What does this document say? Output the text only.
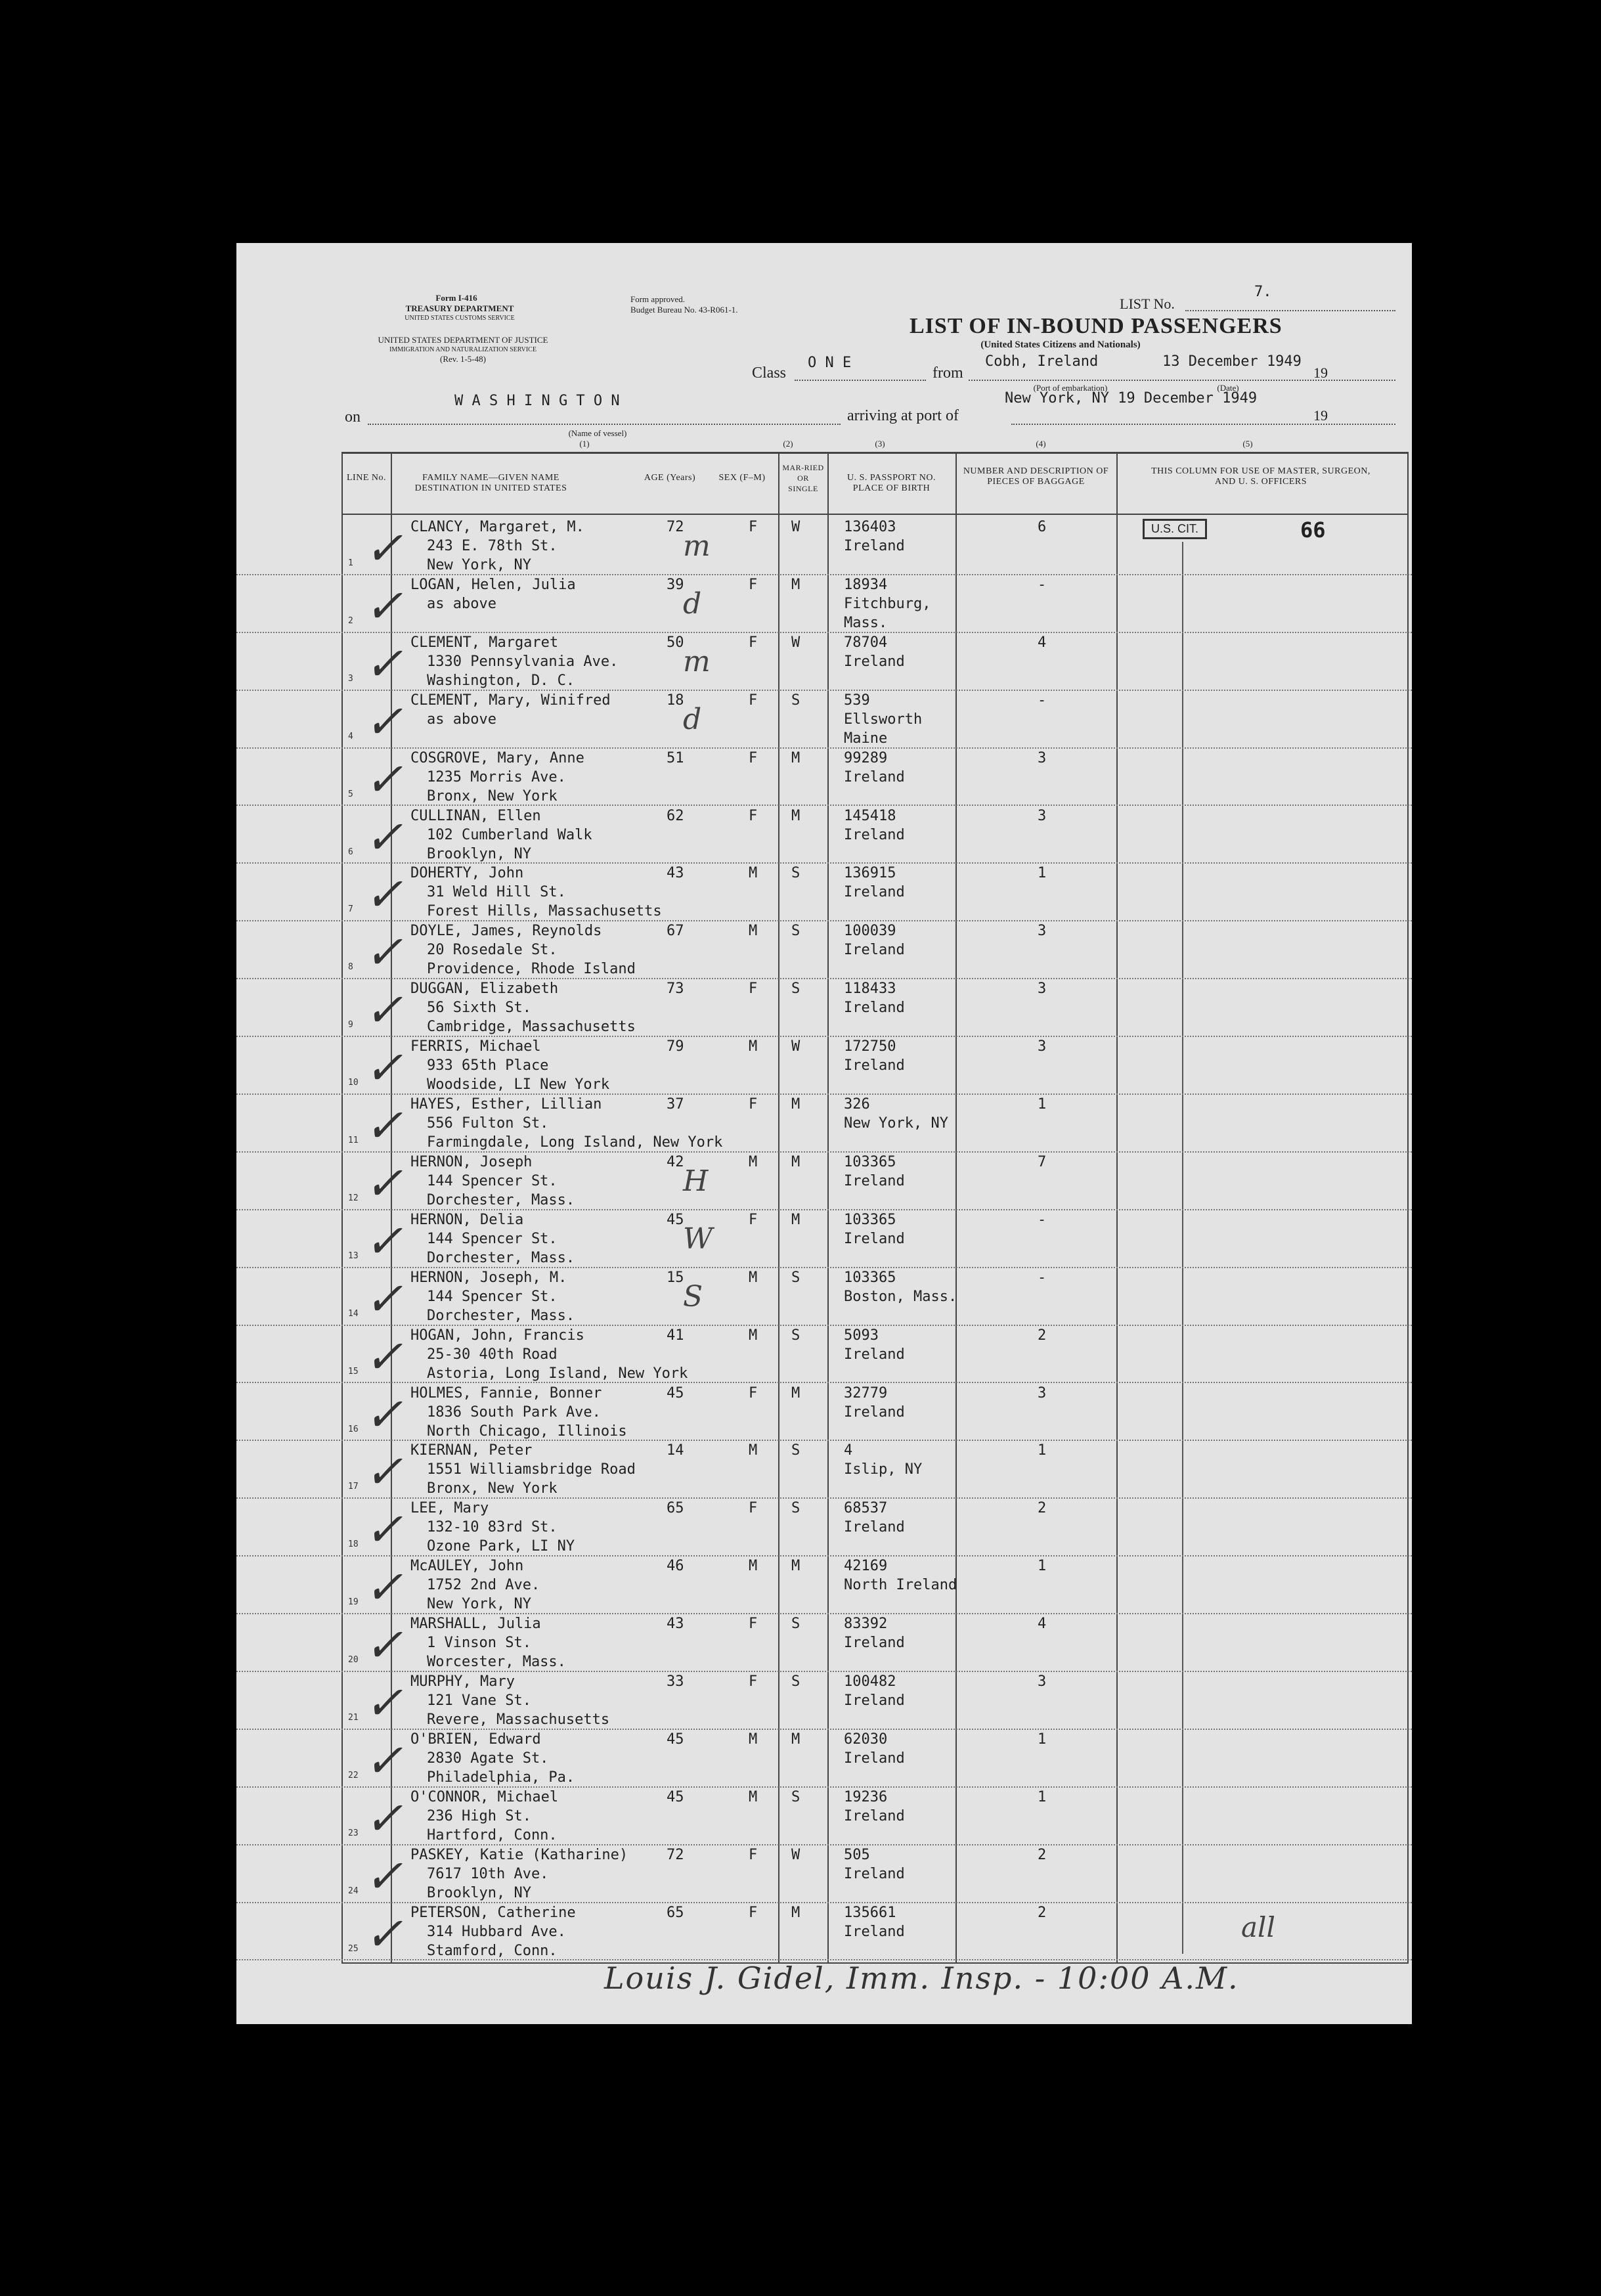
Form I-416
TREASURY DEPARTMENT
UNITED STATES CUSTOMS SERVICE
UNITED STATES DEPARTMENT OF JUSTICE
IMMIGRATION AND NATURALIZATION SERVICE
(Rev. 1-5-48)
Form approved.
Budget Bureau No. 43-R061-1.	LIST No.
7.
LIST OF IN-BOUND PASSENGERS
(United States Citizens and Nationals)
Class
O N E
from
Cobh, Ireland	13 December 1949
19
(Port of embarkation)	(Date)
on
W A S H I N G T O N
(Name of vessel)
arriving at port of
New York, NY 19 December 1949
19
(1)	(2)	(3)	(4)	(5)
LINE No.	FAMILY NAME—GIVEN NAME DESTINATION IN UNITED STATES
AGE (Years)	SEX (F–M)
MAR-RIED OR SINGLE
U. S. PASSPORT NO. PLACE OF BIRTH
NUMBER AND DESCRIPTION OF PIECES OF BAGGAGE
THIS COLUMN FOR USE OF MASTER, SURGEON, AND U. S. OFFICERS
U.S. CIT.	66
1
CLANCY, Margaret, M.
243 E. 78th St.
New York, NY
72	F W	136403
Ireland
6
✓	m
2
LOGAN, Helen, Julia
as above
39	F M	18934
Fitchburg,
Mass.
-
✓	d
3
CLEMENT, Margaret
1330 Pennsylvania Ave.
Washington, D. C.
50	F W	78704
Ireland
4
✓	m
4
CLEMENT, Mary, Winifred
as above
18	F S	539
Ellsworth
Maine
-
✓	d
5
COSGROVE, Mary, Anne
1235 Morris Ave.
Bronx, New York
51	F M	99289
Ireland
3
✓
6
CULLINAN, Ellen
102 Cumberland Walk
Brooklyn, NY
62	F M	145418
Ireland
3
✓
7
DOHERTY, John
31 Weld Hill St.
Forest Hills, Massachusetts
43	M S	136915
Ireland
1
✓
8
DOYLE, James, Reynolds
20 Rosedale St.
Providence, Rhode Island
67	M S	100039
Ireland
3
✓
9
DUGGAN, Elizabeth
56 Sixth St.
Cambridge, Massachusetts
73	F S	118433
Ireland
3
✓
10
FERRIS, Michael
933 65th Place
Woodside, LI New York
79	M W	172750
Ireland
3
✓
11
HAYES, Esther, Lillian
556 Fulton St.
Farmingdale, Long Island, New York
37	F M	326
New York, NY
1
✓
12
HERNON, Joseph
144 Spencer St.
Dorchester, Mass.
42	M M	103365
Ireland
7
✓	H
13
HERNON, Delia
144 Spencer St.
Dorchester, Mass.
45	F M	103365
Ireland
-
✓	W
14
HERNON, Joseph, M.
144 Spencer St.
Dorchester, Mass.
15	M S	103365
Boston, Mass.
-
✓	S
15
HOGAN, John, Francis
25-30 40th Road
Astoria, Long Island, New York
41	M S	5093
Ireland
2
✓
16
HOLMES, Fannie, Bonner
1836 South Park Ave.
North Chicago, Illinois
45	F M	32779
Ireland
3
✓
17
KIERNAN, Peter
1551 Williamsbridge Road
Bronx, New York
14	M S	4
Islip, NY
1
✓
18
LEE, Mary
132-10 83rd St.
Ozone Park, LI NY
65	F S	68537
Ireland
2
✓
19
McAULEY, John
1752 2nd Ave.
New York, NY
46	M M	42169
North Ireland
1
✓
20
MARSHALL, Julia
1 Vinson St.
Worcester, Mass.
43	F S	83392
Ireland
4
✓
21
MURPHY, Mary
121 Vane St.
Revere, Massachusetts
33	F S	100482
Ireland
3
✓
22
O'BRIEN, Edward
2830 Agate St.
Philadelphia, Pa.
45	M M	62030
Ireland
1
✓
23
O'CONNOR, Michael
236 High St.
Hartford, Conn.
45	M S	19236
Ireland
1
✓
24
PASKEY, Katie (Katharine)
7617 10th Ave.
Brooklyn, NY
72	F W	505
Ireland
2
✓
25
PETERSON, Catherine
314 Hubbard Ave.
Stamford, Conn.
65	F M	135661
Ireland
2
✓	all
Louis J. Gidel, Imm. Insp. - 10:00 A.M.
